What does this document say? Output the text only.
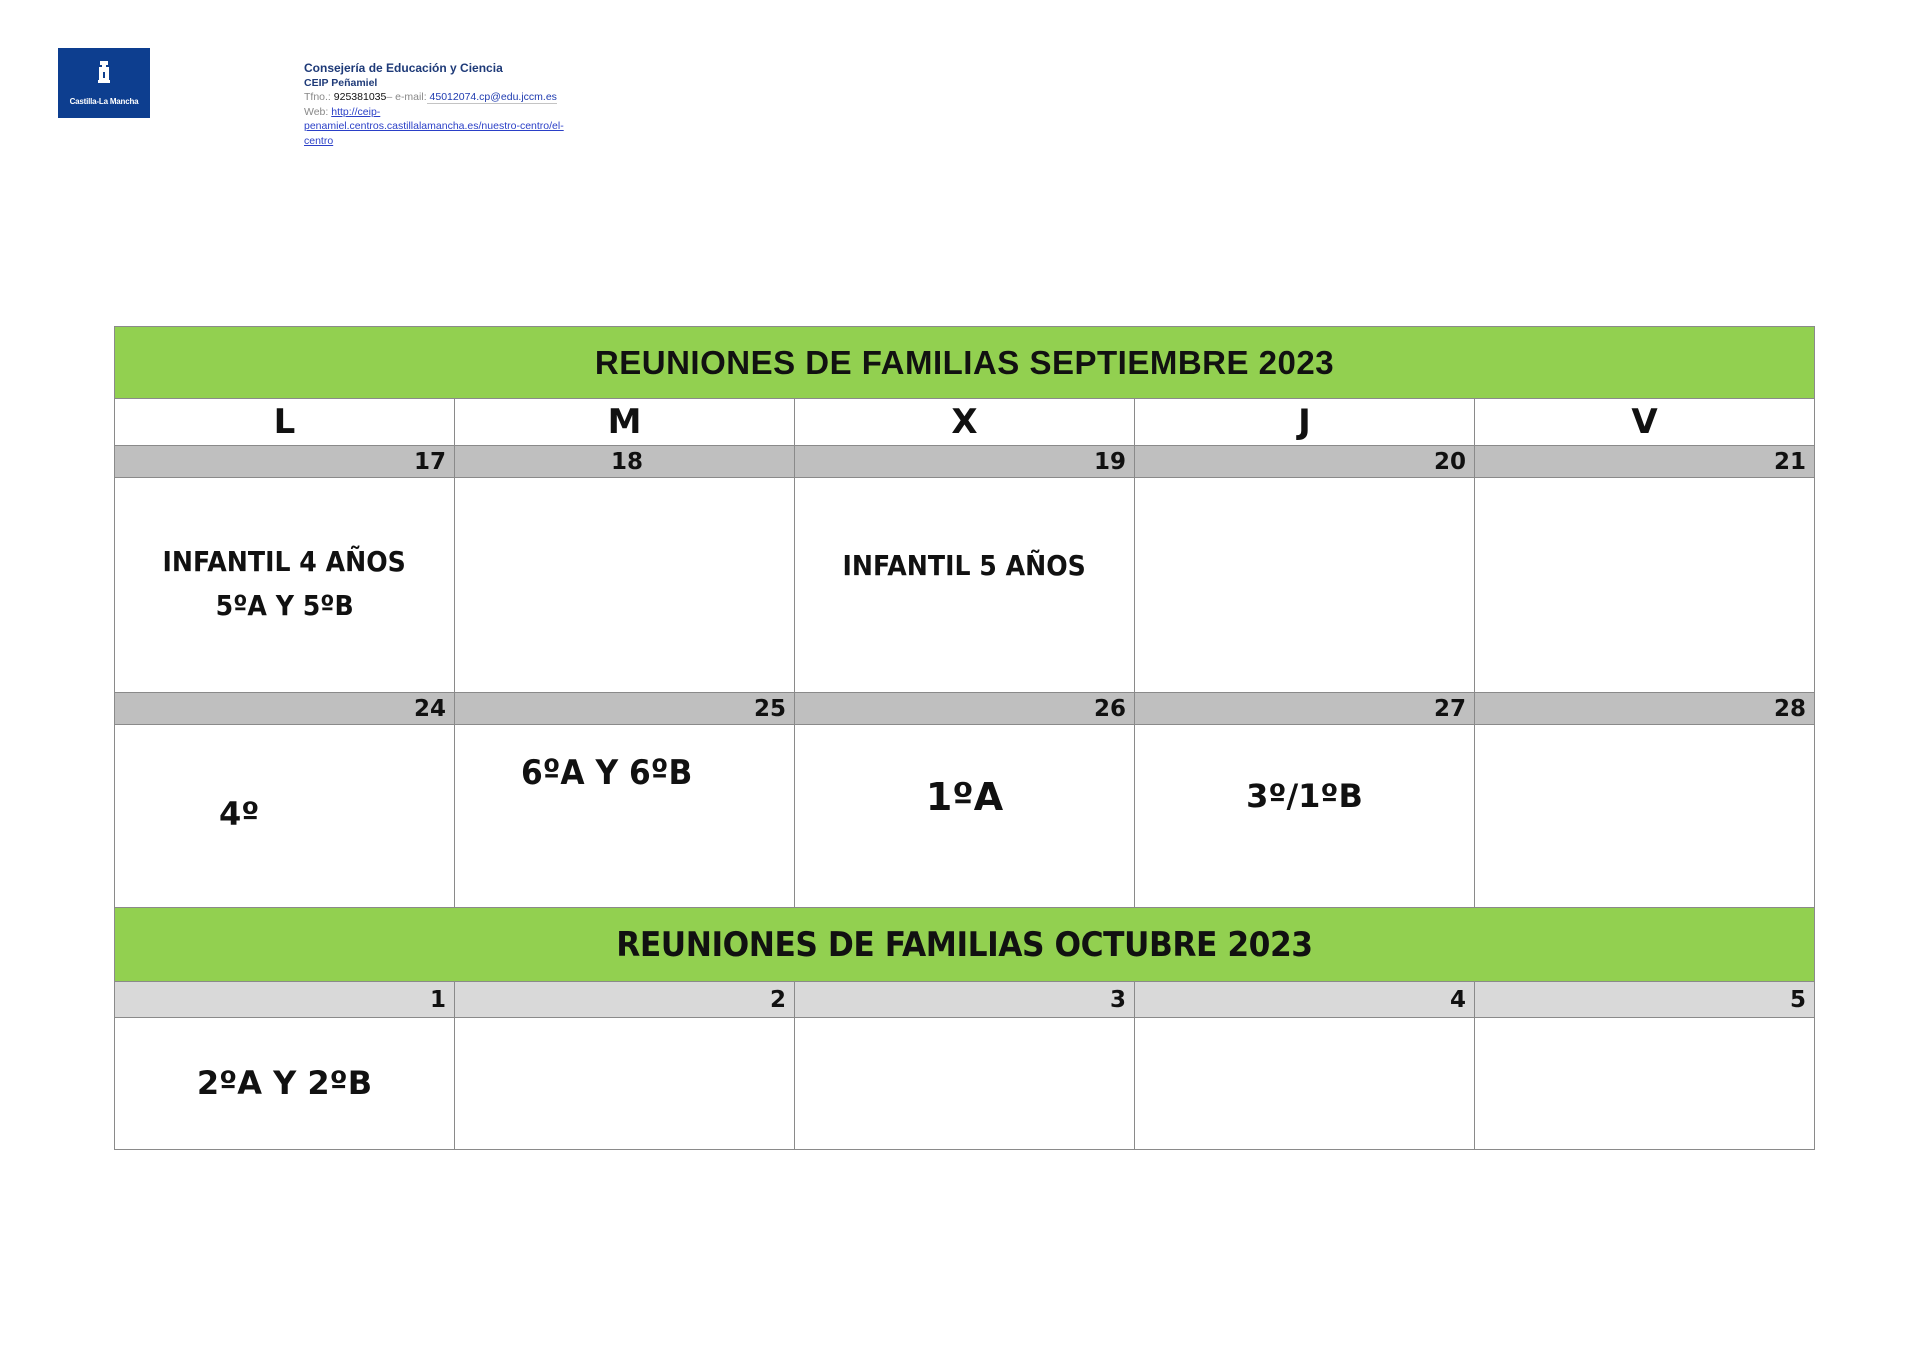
Castilla-La Mancha
Consejería de Educación y Ciencia
CEIP Peñamiel
Tfno.: 925381035– e-mail: 45012074.cp@edu.jccm.es
Web: http://ceip-
penamiel.centros.castillalamancha.es/nuestro-centro/el-
centro
REUNIONES DE FAMILIAS SEPTIEMBRE 2023				
L	M	X	J	V
17	18	19	20	21

INFANTIL 4 AÑOS
5ºA Y 5ºB		INFANTIL 5 AÑOS		

24	25	26	27	28

4º	6ºA Y 6ºB	1ºA	3º/1ºB	

REUNIONES DE FAMILIAS OCTUBRE 2023				
1	2	3	4	5

2ºA Y 2ºB				
